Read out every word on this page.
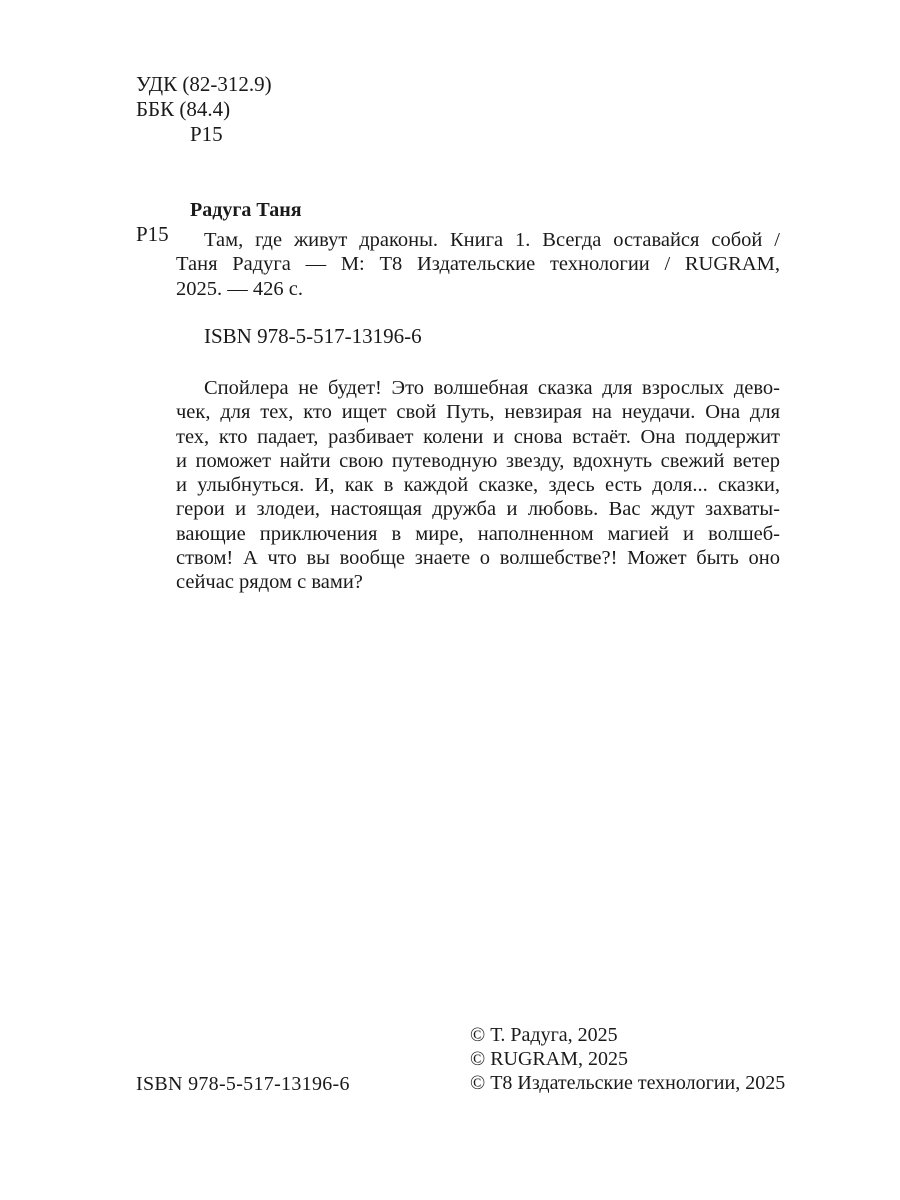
УДК (82-312.9)
ББК (84.4)
Р15
Радуга Таня
Р15	Там, где живут драконы. Книга 1. Всегда оставайся собой /
Таня Радуга — М: Т8 Издательские технологии / RUGRAM,
2025. — 426 с.
ISBN 978-5-517-13196-6
Спойлера не будет! Это волшебная сказка для взрослых дево-
чек, для тех, кто ищет свой Путь, невзирая на неудачи. Она для
тех, кто падает, разбивает колени и снова встаёт. Она поддержит
и поможет найти свою путеводную звезду, вдохнуть свежий ветер
и улыбнуться. И, как в каждой сказке, здесь есть доля... сказки,
герои и злодеи, настоящая дружба и любовь. Вас ждут захваты-
вающие приключения в мире, наполненном магией и волшеб-
ством! А что вы вообще знаете о волшебстве?! Может быть оно
сейчас рядом с вами?
ISBN 978-5-517-13196-6
© Т. Радуга, 2025
© RUGRAM, 2025
© Т8 Издательские технологии, 2025
